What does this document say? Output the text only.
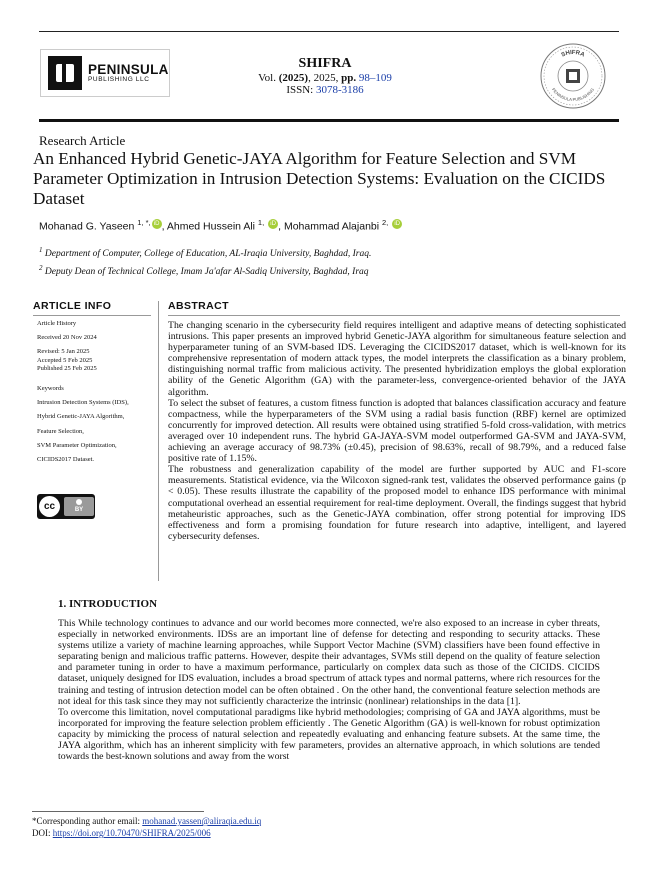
PENINSULA
PUBLISHING LLC
SHIFRA
Vol. (2025), 2025, pp. 98–109
ISSN: 3078-3186
SHIFRA
PENINSULA PUBLISHING
Research Article
An Enhanced Hybrid Genetic-JAYA Algorithm for Feature Selection and SVM Parameter Optimization in Intrusion Detection Systems: Evaluation on the CICIDS Dataset
Mohanad G. Yaseen $^{1, *,}$ iD , Ahmed Hussein Ali $^{1,}$ iD , Mohammad Alajanbi $^{2,}$ iD
$^1$ Department of Computer, College of Education, AL-Iraqia University, Baghdad, Iraq.
$^2$ Deputy Dean of Technical College, Imam Ja'afar Al-Sadiq University, Baghdad, Iraq
ARTICLE INFO
Article History
Received 20 Nov 2024
Revised: 5 Jan 2025
Accepted 5 Feb 2025
Published 25 Feb 2025
Keywords
Intrusion Detection Systems (IDS),
Hybrid Genetic-JAYA Algorithm,
Feature Selection,
SVM Parameter Optimization,
CICIDS2017 Dataset.
cc	BY
ABSTRACT

The changing scenario in the cybersecurity field requires intelligent and adaptive means of detecting sophisticated intrusions. This paper presents an improved hybrid Genetic-JAYA algorithm for simultaneous feature selection and hyperparameter tuning of an SVM-based IDS. Leveraging the CICIDS2017 dataset, which is well-known for its comprehensive representation of modern attack types, the model interprets the classification as a binary problem, distinguishing normal traffic from malicious activity. The presented hybridization employs the global exploration ability of the Genetic Algorithm (GA) with the parameter-less, convergence-oriented behavior of the JAYA algorithm.

To select the subset of features, a custom fitness function is adopted that balances classification accuracy and feature compactness, while the hyperparameters of the SVM using a radial basis function (RBF) kernel are optimized concurrently for improved detection. All results were obtained using stratified 5-fold cross-validation, with metrics averaged over 10 independent runs. The hybrid GA-JAYA-SVM model outperformed GA-SVM and JAYA-SVM, achieving an average accuracy of 98.73% (±0.45), precision of 98.63%, recall of 98.79%, and a reduced false positive rate of 1.15%.

The robustness and generalization capability of the model are further supported by AUC and F1-score measurements. Statistical evidence, via the Wilcoxon signed-rank test, validates the observed performance gains (p < 0.05). These results illustrate the capability of the proposed model to enhance IDS performance with minimal computational overhead an essential requirement for real-time deployment. Overall, the findings suggest that hybrid metaheuristic approaches, such as the Genetic-JAYA combination, offer strong potential for improving IDS effectiveness and form a promising foundation for future research into adaptive, intelligent, and layered cybersecurity defenses.

1. INTRODUCTION

This While technology continues to advance and our world becomes more connected, we're also exposed to an increase in cyber threats, especially in networked environments. IDSs are an important line of defense for detecting and responding to security attacks. These systems utilize a variety of machine learning approaches, while Support Vector Machine (SVM) classifiers have been found effective in separating benign and malicious traffic patterns. However, despite their advantages, SVMs still depend on the quality of feature selection and parameter tuning in order to have a maximum performance, particularly on complex data such as those of the CICIDS. CICIDS dataset, uniquely designed for IDS evaluation, includes a broad spectrum of attack types and normal patterns, where rich resources for the training and testing of intrusion detection model can be often obtained . On the other hand, the conventional feature selection methods are not ideal for this task since they may not sufficiently characterize the intrinsic (nonlinear) relationships in the data [1].

To overcome this limitation, novel computational paradigms like hybrid methodologies; comprising of GA and JAYA algorithms, must be incorporated for improving the feature selection problem efficiently . The Genetic Algorithm (GA) is well-known for robust optimization capacity by mimicking the process of natural selection and repeatedly evaluating and enhancing feature subsets. At the same time, the JAYA algorithm, which has an inherent simplicity with few parameters, provides an alternative approach, in which solutions are tended towards the best-known solutions and away from the worst

*Corresponding author email: mohanad.yassen@aliraqia.edu.iq
DOI: https://doi.org/10.70470/SHIFRA/2025/006
